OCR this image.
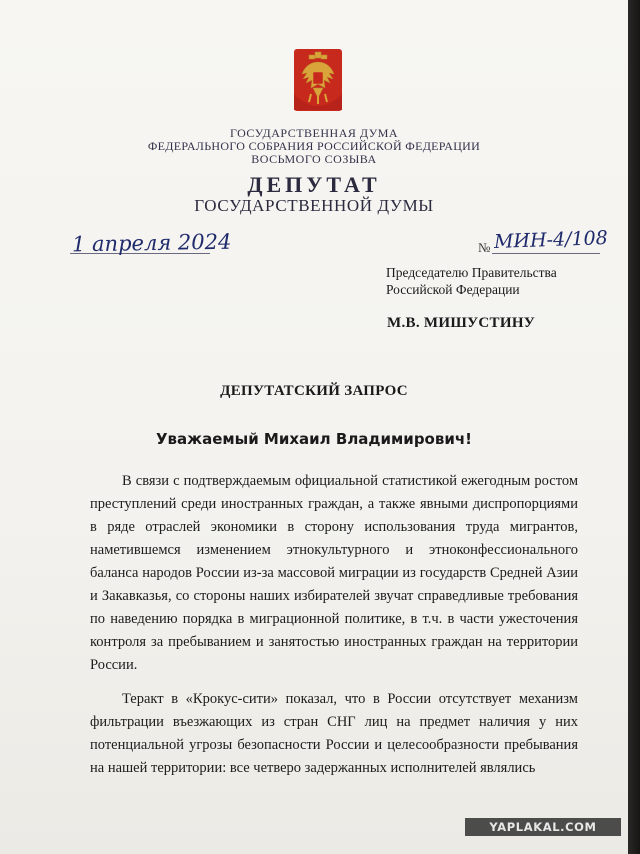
ГОСУДАРСТВЕННАЯ ДУМА
ФЕДЕРАЛЬНОГО СОБРАНИЯ РОССИЙСКОЙ ФЕДЕРАЦИИ
ВОСЬМОГО СОЗЫВА
ДЕПУТАТ
ГОСУДАРСТВЕННОЙ ДУМЫ
1 апреля 2024	№ МИН-4/108
Председателю Правительства
Российской Федерации
М.В. МИШУСТИНУ
ДЕПУТАТСКИЙ ЗАПРОС
Уважаемый Михаил Владимирович!

В связи с подтверждаемым официальной статистикой ежегодным ростом преступлений среди иностранных граждан, а также явными диспропорциями в ряде отраслей экономики в сторону использования труда мигрантов, наметившемся изменением этнокультурного и этноконфессионального баланса народов России из-за массовой миграции из государств Средней Азии и Закавказья, со стороны наших избирателей звучат справедливые требования по наведению порядка в миграционной политике, в т.ч. в части ужесточения контроля за пребыванием и занятостью иностранных граждан на территории России.

Теракт в «Крокус-сити» показал, что в России отсутствует механизм фильтрации въезжающих из стран СНГ лиц на предмет наличия у них потенциальной угрозы безопасности России и целесообразности пребывания на нашей территории: все четверо задержанных исполнителей являлись

YAPLAKAL.COM
